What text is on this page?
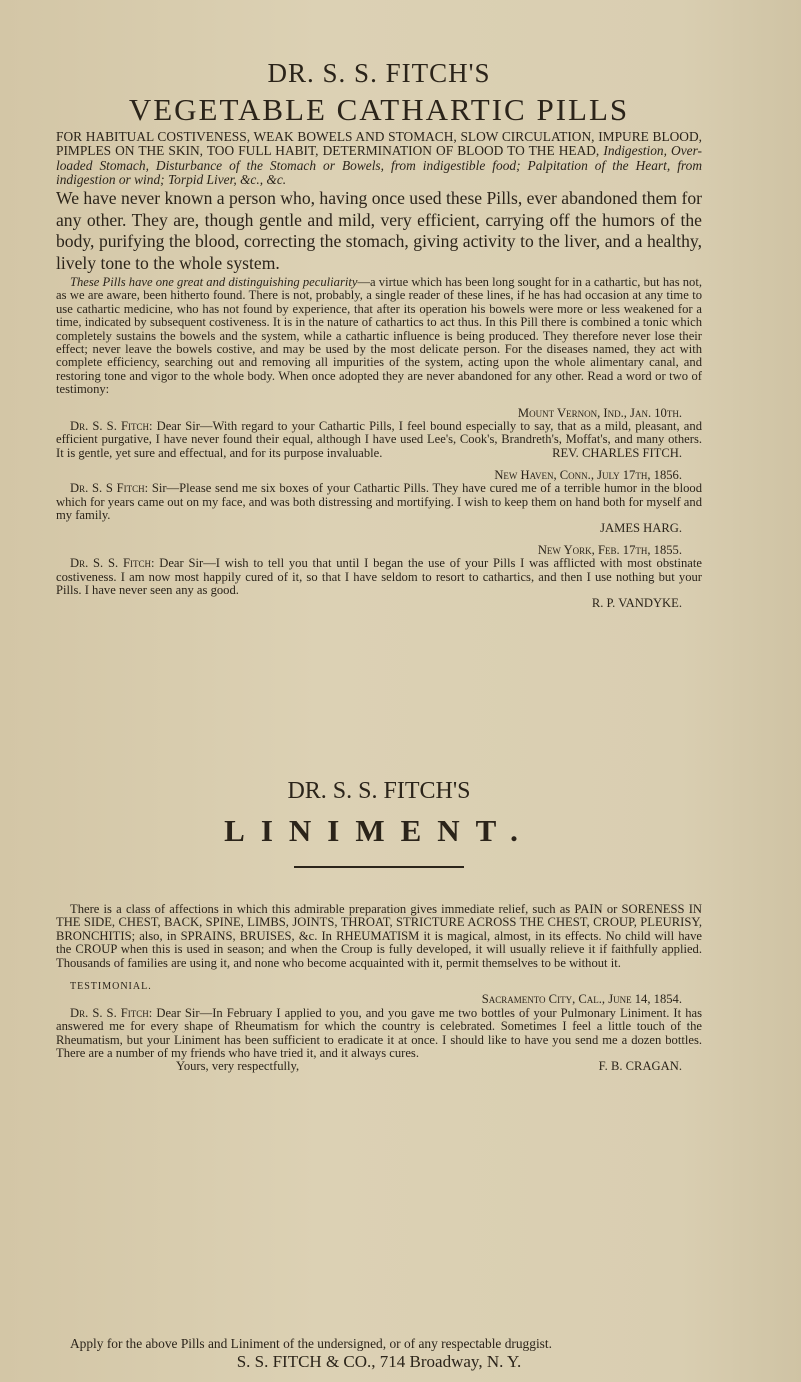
DR. S. S. FITCH'S
VEGETABLE CATHARTIC PILLS
FOR HABITUAL COSTIVENESS, WEAK BOWELS AND STOMACH, SLOW CIRCULATION, IMPURE BLOOD, PIMPLES ON THE SKIN, TOO FULL HABIT, DETERMINATION OF BLOOD TO THE HEAD, Indigestion, Over-loaded Stomach, Disturbance of the Stomach or Bowels, from indigestible food; Palpitation of the Heart, from indigestion or wind; Torpid Liver, &c., &c.
We have never known a person who, having once used these Pills, ever abandoned them for any other. They are, though gentle and mild, very efficient, carrying off the humors of the body, purifying the blood, correcting the stomach, giving activity to the liver, and a healthy, lively tone to the whole system.
These Pills have one great and distinguishing peculiarity—a virtue which has been long sought for in a cathartic, but has not, as we are aware, been hitherto found. There is not, probably, a single reader of these lines, if he has had occasion at any time to use cathartic medicine, who has not found by experience, that after its operation his bowels were more or less weakened for a time, indicated by subsequent costiveness. It is in the nature of cathartics to act thus. In this Pill there is combined a tonic which completely sustains the bowels and the system, while a cathartic influence is being produced. They therefore never lose their effect; never leave the bowels costive, and may be used by the most delicate person. For the diseases named, they act with complete efficiency, searching out and removing all impurities of the system, acting upon the whole alimentary canal, and restoring tone and vigor to the whole body. When once adopted they are never abandoned for any other. Read a word or two of testimony:
Mount Vernon, Ind., Jan. 10th.
Dr. S. S. Fitch: Dear Sir—With regard to your Cathartic Pills, I feel bound especially to say, that as a mild, pleasant, and efficient purgative, I have never found their equal, although I have used Lee's, Cook's, Brandreth's, Moffat's, and many others. It is gentle, yet sure and effectual, and for its purpose invaluable.	REV. CHARLES FITCH.
New Haven, Conn., July 17th, 1856.
Dr. S. S Fitch: Sir—Please send me six boxes of your Cathartic Pills. They have cured me of a terrible humor in the blood which for years came out on my face, and was both distressing and mortifying. I wish to keep them on hand both for myself and my family.
JAMES HARG.
New York, Feb. 17th, 1855.
Dr. S. S. Fitch: Dear Sir—I wish to tell you that until I began the use of your Pills I was afflicted with most obstinate costiveness. I am now most happily cured of it, so that I have seldom to resort to cathartics, and then I use nothing but your Pills. I have never seen any as good.
R. P. VANDYKE.
DR. S. S. FITCH'S
LINIMENT.
There is a class of affections in which this admirable preparation gives immediate relief, such as PAIN or SORENESS IN THE SIDE, CHEST, BACK, SPINE, LIMBS, JOINTS, THROAT, STRICTURE ACROSS THE CHEST, CROUP, PLEURISY, BRONCHITIS; also, in SPRAINS, BRUISES, &c. In RHEUMATISM it is magical, almost, in its effects. No child will have the CROUP when this is used in season; and when the Croup is fully developed, it will usually relieve it if faithfully applied. Thousands of families are using it, and none who become acquainted with it, permit themselves to be without it.
TESTIMONIAL.
Sacramento City, Cal., June 14, 1854.
Dr. S. S. Fitch: Dear Sir—In February I applied to you, and you gave me two bottles of your Pulmonary Liniment. It has answered me for every shape of Rheumatism for which the country is celebrated. Sometimes I feel a little touch of the Rheumatism, but your Liniment has been sufficient to eradicate it at once. I should like to have you send me a dozen bottles. There are a number of my friends who have tried it, and it always cures.
Yours, very respectfully,	F. B. CRAGAN.
Apply for the above Pills and Liniment of the undersigned, or of any respectable druggist.
S. S. FITCH & CO., 714 Broadway, N. Y.
